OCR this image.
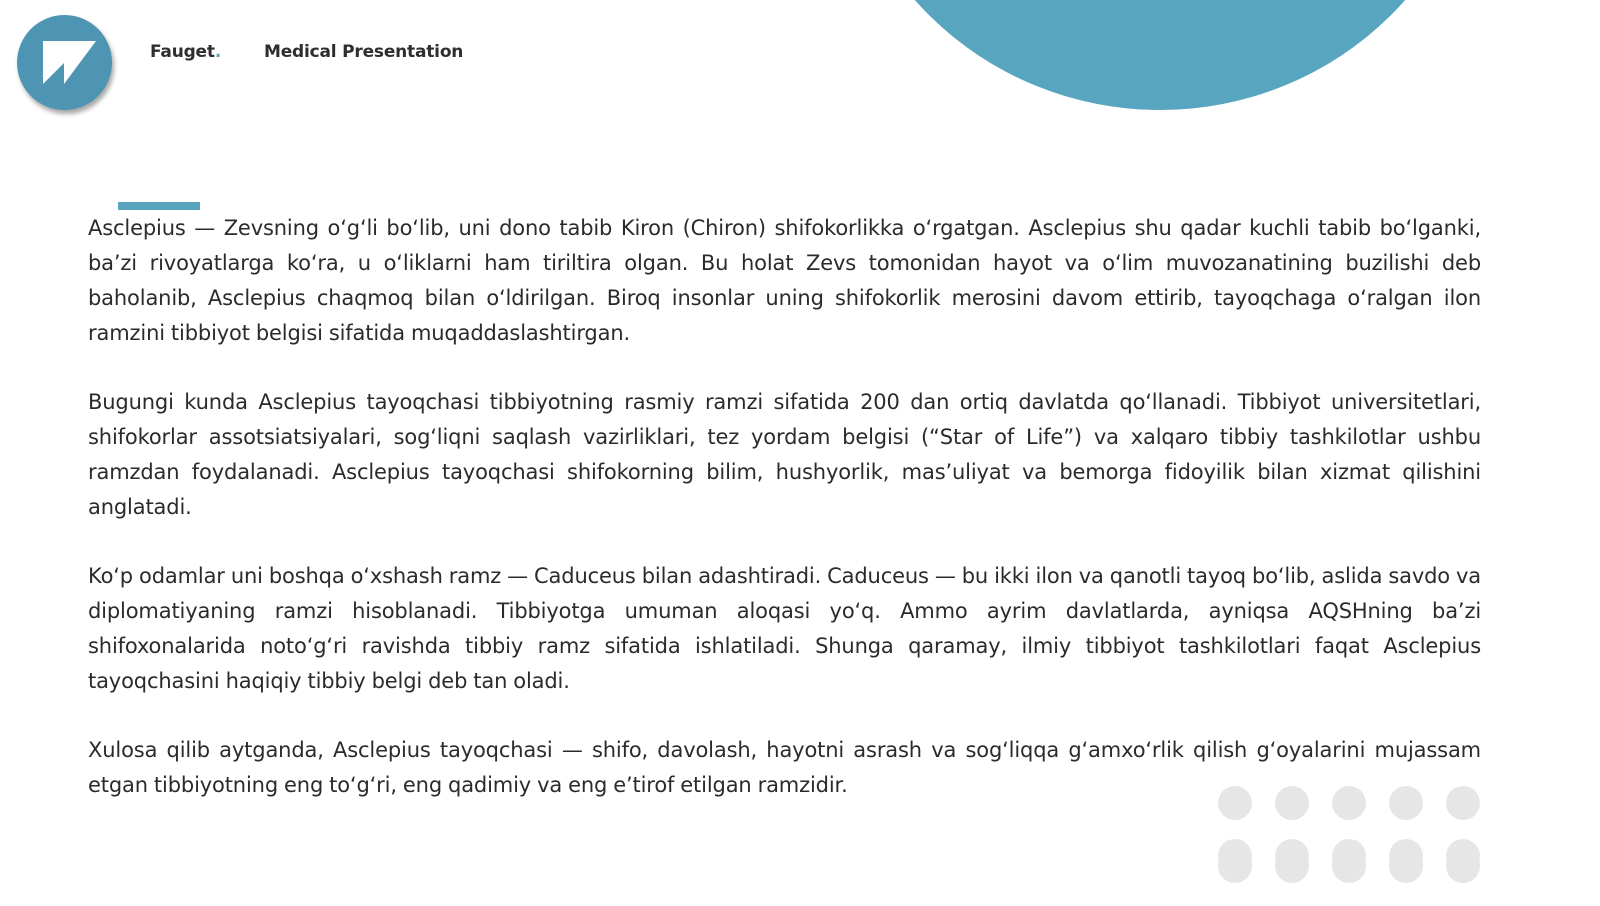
Fauget.	Medical Presentation

Asclepius — Zevsning o‘g‘li bo‘lib, uni dono tabib Kiron (Chiron) shifokorlikka o‘rgatgan. Asclepius shu qadar kuchli tabib bo‘lganki, ba’zi rivoyatlarga ko‘ra, u o‘liklarni ham tiriltira olgan. Bu holat Zevs tomonidan hayot va o‘lim muvozanatining buzilishi deb baholanib, Asclepius chaqmoq bilan o‘ldirilgan. Biroq insonlar uning shifokorlik merosini davom ettirib, tayoqchaga o‘ralgan ilon ramzini tibbiyot belgisi sifatida muqaddaslashtirgan.

Bugungi kunda Asclepius tayoqchasi tibbiyotning rasmiy ramzi sifatida 200 dan ortiq davlatda qo‘llanadi. Tibbiyot universitetlari, shifokorlar assotsiatsiyalari, sog‘liqni saqlash vazirliklari, tez yordam belgisi (“Star of Life”) va xalqaro tibbiy tashkilotlar ushbu ramzdan foydalanadi. Asclepius tayoqchasi shifokorning bilim, hushyorlik, mas’uliyat va bemorga fidoyilik bilan xizmat qilishini anglatadi.

Ko‘p odamlar uni boshqa o‘xshash ramz — Caduceus bilan adashtiradi. Caduceus — bu ikki ilon va qanotli tayoq bo‘lib, aslida savdo va diplomatiyaning ramzi hisoblanadi. Tibbiyotga umuman aloqasi yo‘q. Ammo ayrim davlatlarda, ayniqsa AQSHning ba’zi shifoxonalarida noto‘g‘ri ravishda tibbiy ramz sifatida ishlatiladi. Shunga qaramay, ilmiy tibbiyot tashkilotlari faqat Asclepius tayoqchasini haqiqiy tibbiy belgi deb tan oladi.

Xulosa qilib aytganda, Asclepius tayoqchasi — shifo, davolash, hayotni asrash va sog‘liqqa g‘amxo‘rlik qilish g‘oyalarini mujassam etgan tibbiyotning eng to‘g‘ri, eng qadimiy va eng e’tirof etilgan ramzidir.
